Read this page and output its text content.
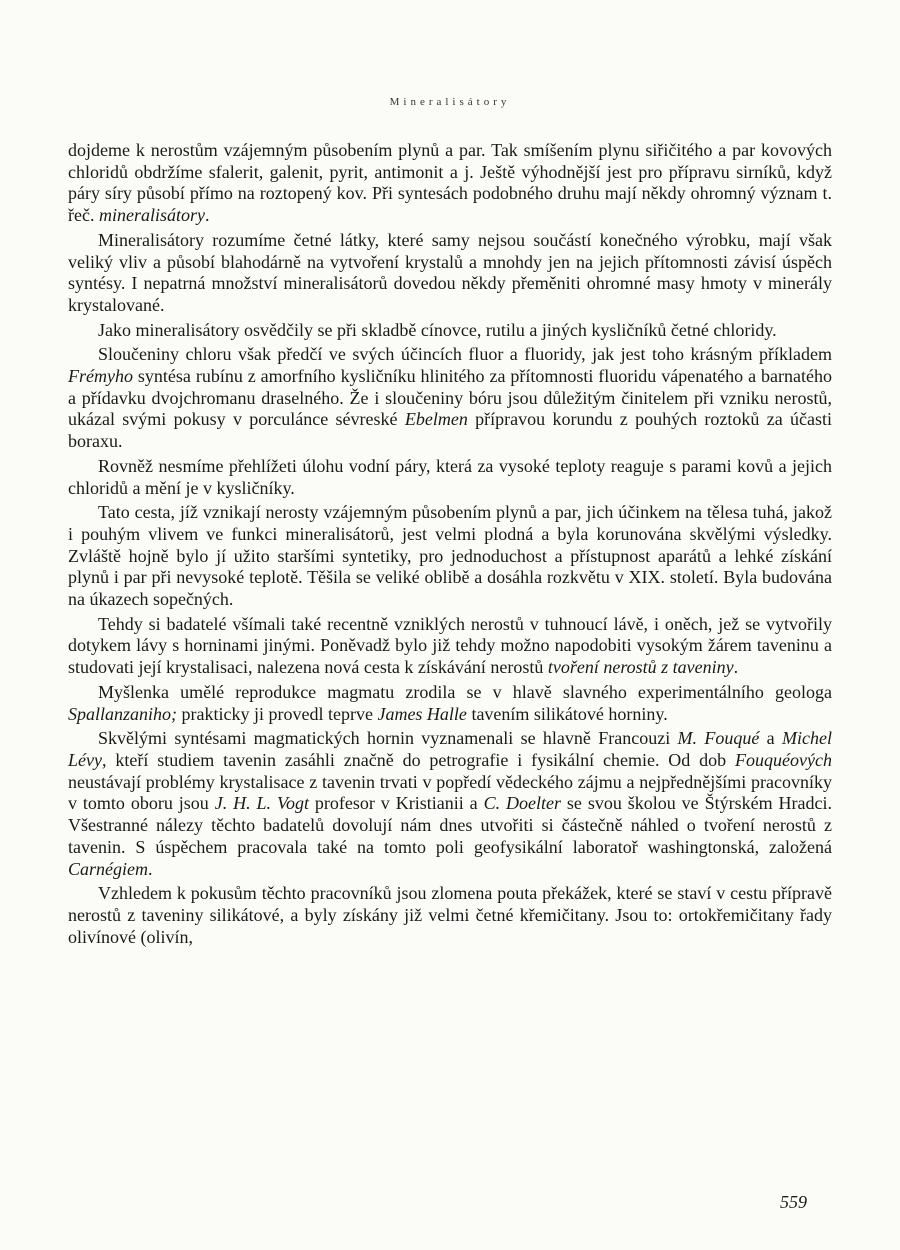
Mineralisátory

dojdeme k nerostům vzájemným působením plynů a par. Tak smíšením plynu siřičitého a par kovových chloridů obdržíme sfalerit, galenit, pyrit, antimonit a j. Ještě výhodnější jest pro přípravu sirníků, když páry síry působí přímo na roztopený kov. Při syntesách podobného druhu mají někdy ohromný význam t. řeč. mineralisátory.

Mineralisátory rozumíme četné látky, které samy nejsou součástí konečného výrobku, mají však veliký vliv a působí blahodárně na vytvoření krystalů a mnohdy jen na jejich přítomnosti závisí úspěch syntésy. I nepatrná množství mineralisátorů dovedou někdy přeměniti ohromné masy hmoty v minerály krystalované.

Jako mineralisátory osvědčily se při skladbě cínovce, rutilu a jiných kysličníků četné chloridy.

Sloučeniny chloru však předčí ve svých účincích fluor a fluoridy, jak jest toho krásným příkladem Frémyho syntésa rubínu z amorfního kysličníku hlinitého za přítomnosti fluoridu vápenatého a barnatého a přídavku dvojchromanu draselného. Že i sloučeniny bóru jsou důležitým činitelem při vzniku nerostů, ukázal svými pokusy v porculánce sévreské Ebelmen přípravou korundu z pouhých roztoků za účasti boraxu.

Rovněž nesmíme přehlížeti úlohu vodní páry, která za vysoké teploty reaguje s parami kovů a jejich chloridů a mění je v kysličníky.

Tato cesta, jíž vznikají nerosty vzájemným působením plynů a par, jich účinkem na tělesa tuhá, jakož i pouhým vlivem ve funkci mineralisátorů, jest velmi plodná a byla korunována skvělými výsledky. Zvláště hojně bylo jí užito staršími syntetiky, pro jednoduchost a přístupnost aparátů a lehké získání plynů i par při nevysoké teplotě. Těšila se veliké oblibě a dosáhla rozkvětu v XIX. století. Byla budována na úkazech sopečných.

Tehdy si badatelé všímali také recentně vzniklých nerostů v tuhnoucí lávě, i oněch, jež se vytvořily dotykem lávy s horninami jinými. Poněvadž bylo již tehdy možno napodobiti vysokým žárem taveninu a studovati její krystalisaci, nalezena nová cesta k získávání nerostů tvoření nerostů z taveniny.

Myšlenka umělé reprodukce magmatu zrodila se v hlavě slavného experimentálního geologa Spallanzaniho; prakticky ji provedl teprve James Halle tavením silikátové horniny.

Skvělými syntésami magmatických hornin vyznamenali se hlavně Francouzi M. Fouqué a Michel Lévy, kteří studiem tavenin zasáhli značně do petrografie i fysikální chemie. Od dob Fouquéových neustávají problémy krystalisace z tavenin trvati v popředí vědeckého zájmu a nejpřednějšími pracovníky v tomto oboru jsou J. H. L. Vogt profesor v Kristianii a C. Doelter se svou školou ve Štýrském Hradci. Všestranné nálezy těchto badatelů dovolují nám dnes utvořiti si částečně náhled o tvoření nerostů z tavenin. S úspěchem pracovala také na tomto poli geofysikální laboratoř washingtonská, založená Carnégiem.

Vzhledem k pokusům těchto pracovníků jsou zlomena pouta překážek, které se staví v cestu přípravě nerostů z taveniny silikátové, a byly získány již velmi četné křemičitany. Jsou to: ortokřemičitany řady olivínové (olivín,

559
